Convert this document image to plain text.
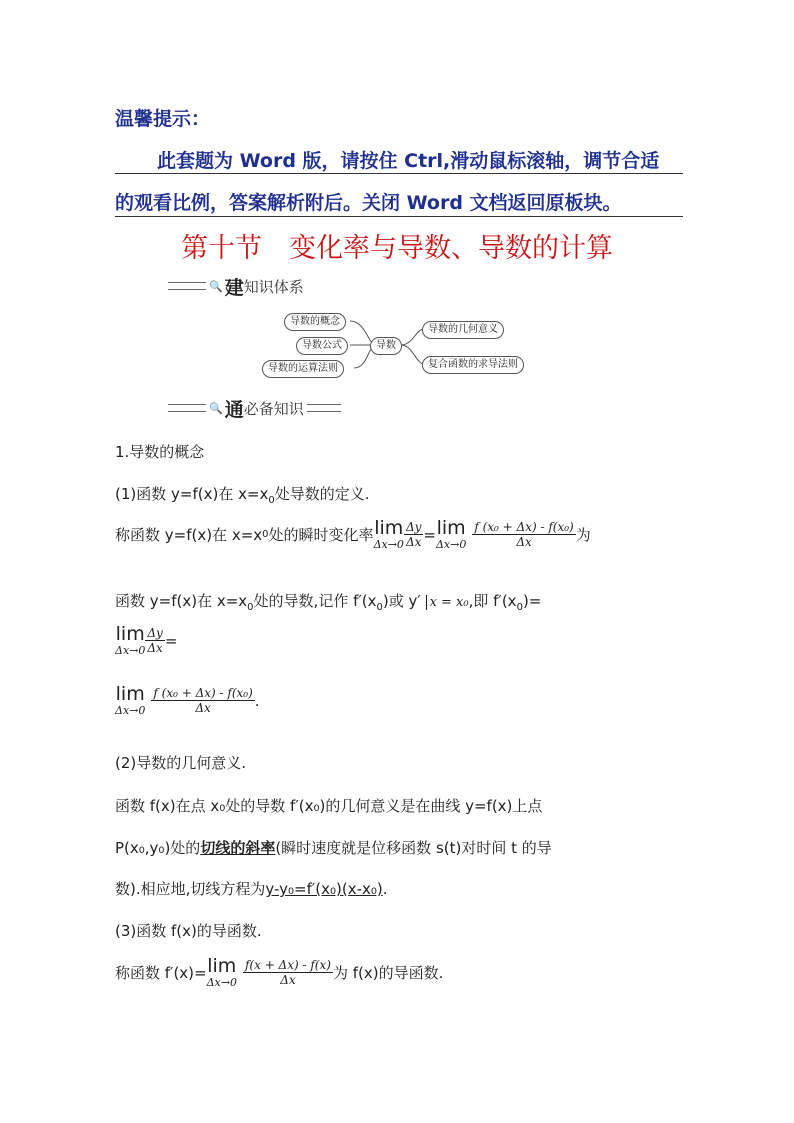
温馨提示：
此套题为 Word 版，请按住 Ctrl,滑动鼠标滚轴，调节合适
的观看比例，答案解析附后。关闭 Word 文档返回原板块。
第十节　变化率与导数、导数的计算
🔍 建 知识体系
导数的概念
导数公式
导数的运算法则
导数
导数的几何意义
复合函数的求导法则
🔍 通 必备知识
1.导数的概念
(1)函数 y=f(x)在 $x=x_0$处导数的定义.
称函数 y=f(x)在 x=x 0 处的瞬时变化率 lim
$\Delta x\to 0 \frac{\Delta y}{\Delta x} = \lim$
$\Delta x\to 0 \frac{\text{f (x₀ + Δx) - f(x₀)}}{\Delta x}$ 为
函数 y=f(x)在 $x=x_0$处的导数,记作 $f'(x_0)$或 y′ x = x₀,即 $f'(x_0)=$
lim
$\Delta x\to 0 \frac{\Delta y}{\Delta x}$ =
lim
$\Delta x\to 0 \frac{\text{f (x₀ + Δx) - f(x₀)}}{\Delta x}$ .
(2)导数的几何意义.
函数 f(x)在点 x₀处的导数 f′(x₀)的几何意义是在曲线 y=f(x)上点
P(x₀,y₀)处的切线的斜率(瞬时速度就是位移函数 s(t)对时间 t 的导
数).相应地,切线方程为y-y₀=f′(x₀)(x-x₀).
(3)函数 f(x)的导函数.
称函数 f′(x)= lim
$\Delta x\to 0 \frac{f(x + \Delta x) - f(x)}{\Delta x}$ 为 f(x)的导函数.
